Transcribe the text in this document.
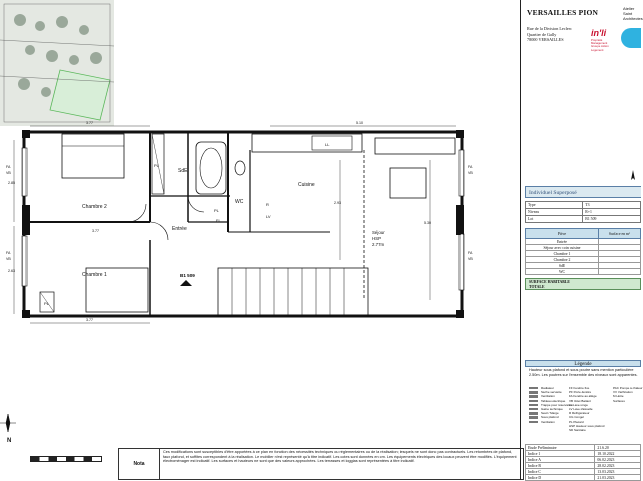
Chambre 2
Chambre 1
SdE
WC
Cuisine
Entrée
Séjour
HSP
2.77m
B1 509
PL
PL
PL
FL
LL
R
LV
FA
VB
FA
VB
FA
VB
FA
VB
3.77	5.10
2.85
2.63
2.93
5.30
3.77
3.77
N
Nota
Ces modifications sont susceptibles d'être apportées à ce plan en fonction des nécessités techniques ou réglementaires ou de la réalisation; lesquels ne sont donc pas contractuels. Les retombées de plafond, faux plafond, et soffites correspondent à la réalisation. Le mobilier n'est représenté qu'à titre indicatif. Les cotes sont données en cm. Les équipements électriques des locaux peuvent être modifiés. L'équipement électroménager est indicatif. Les surfaces et hauteurs ne sont que des valeurs approchées. Les terrasses et loggias sont représentées à titre indicatif.
VERSAILLES PION	Atelier Saint Architectes
Rue de la Division Leclerc
Quartier de Gally
78000 VERSAILLES
in'li
Propriété Management Groupe Action Logement
Individuel Superposé
Type	T3
Niveau	R+1
Lot	B1 509
Pièce	Surface en m²
Entrée	
Séjour avec coin cuisine	
Chambre 1	
Chambre 2	
SdE	
WC	
SURFACE HABITABLE
TOTALE
Légende
Hauteur sous plafond et sous poutre sans mention particulière 2.50m. Les poutres sur l'ensemble des niveaux sont apparentes.
Radiateur
Sèche serviette
Ventilation
Tableau électrique
Trappe pour réservation
Gaine technique
Seuil / Marge
Sous plafond
Ventilation
FF Fenêtre fixe
PF Porte-fenêtre
FA Fenêtre au allège
VB Volet Battant
LL Lave-Linge
LV Lave-Vaisselle
R Réfrigérateur
CG Congel
PL Placard
HSP Hauteur sous plafond
SD Sanitaire
PAC Pompe à chaleur
VV Vérification
M Hotte
Surfaces
Etude Préliminaire	21.6.20
Indice 1	18.10.2022
Indice A	06.02.2023
Indice B	28.02.2023
Indice C	13.03.2023
Indice D	21.03.2023
